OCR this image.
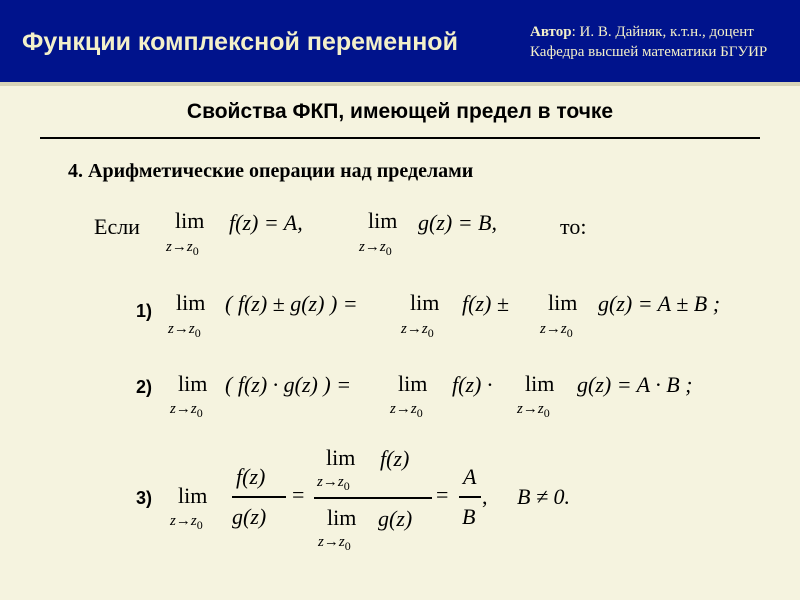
Функции комплексной переменной	Автор: И. В. Дайняк, к.т.н., доцент
Кафедра высшей математики БГУИР
Свойства ФКП, имеющей предел в точке
4. Арифметические операции над пределами
Если lim
$z\to z_0$
f(z) = A,	lim
$z\to z_0$
g(z) = B,	то:
1) lim
$z\to z_0$
( f(z) ± g(z) ) = lim
$z\to z_0$
f(z) ± lim
$z\to z_0$
g(z) = A ± B ;
2) lim
$z\to z_0$
( f(z) · g(z) ) = lim
$z\to z_0$
f(z) · lim
$z\to z_0$
g(z) = A · B ;
3) lim
$z\to z_0$
f(z)
g(z)
=
lim
$z\to z_0$
f(z)
lim
$z\to z_0$
g(z)
=
A
B
, B ≠ 0.
